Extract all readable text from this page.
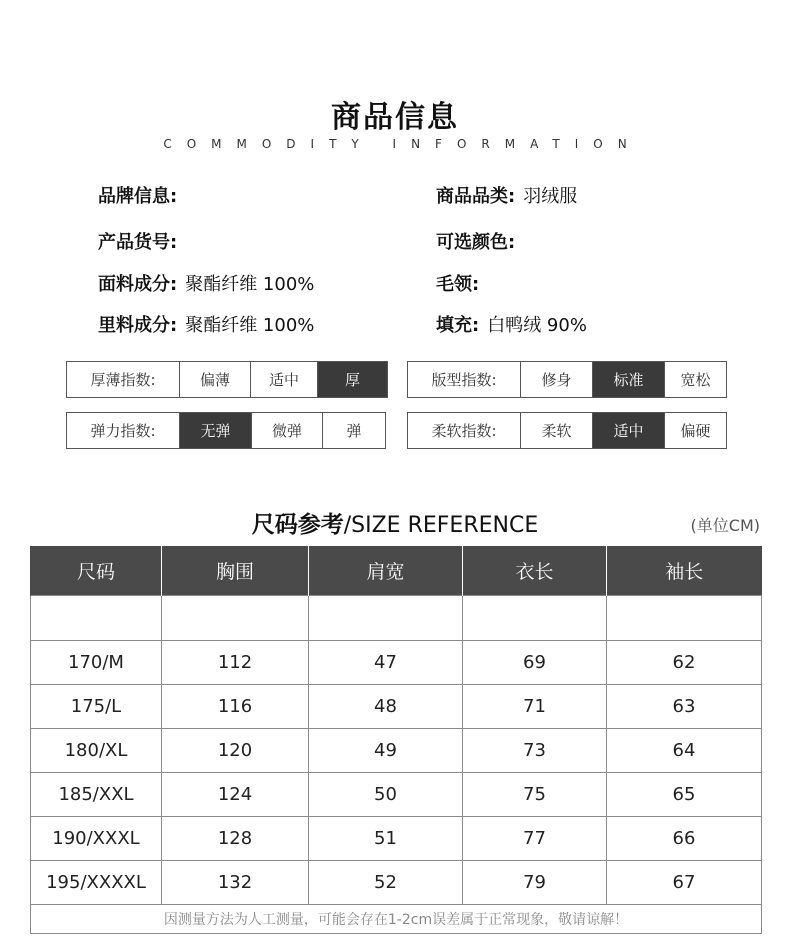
商品信息
COMMODITY INFORMATION
品牌信息:	商品品类: 羽绒服
产品货号:	可选颜色:
面料成分: 聚酯纤维 100%	毛领:
里料成分: 聚酯纤维 100%	填充: 白鸭绒 90%
厚薄指数:	偏薄	适中	厚	版型指数:	修身	标准	宽松
弹力指数:	无弹	微弹	弹	柔软指数:	柔软	适中	偏硬
尺码参考/SIZE REFERENCE	(单位CM)
尺码	胸围	肩宽	衣长	袖长

170/M	112	47	69	62
175/L	116	48	71	63
180/XL	120	49	73	64
185/XXL	124	50	75	65
190/XXXL	128	51	77	66
195/XXXXL	132	52	79	67
因测量方法为人工测量，可能会存在1-2cm误差属于正常现象，敬请谅解！				
